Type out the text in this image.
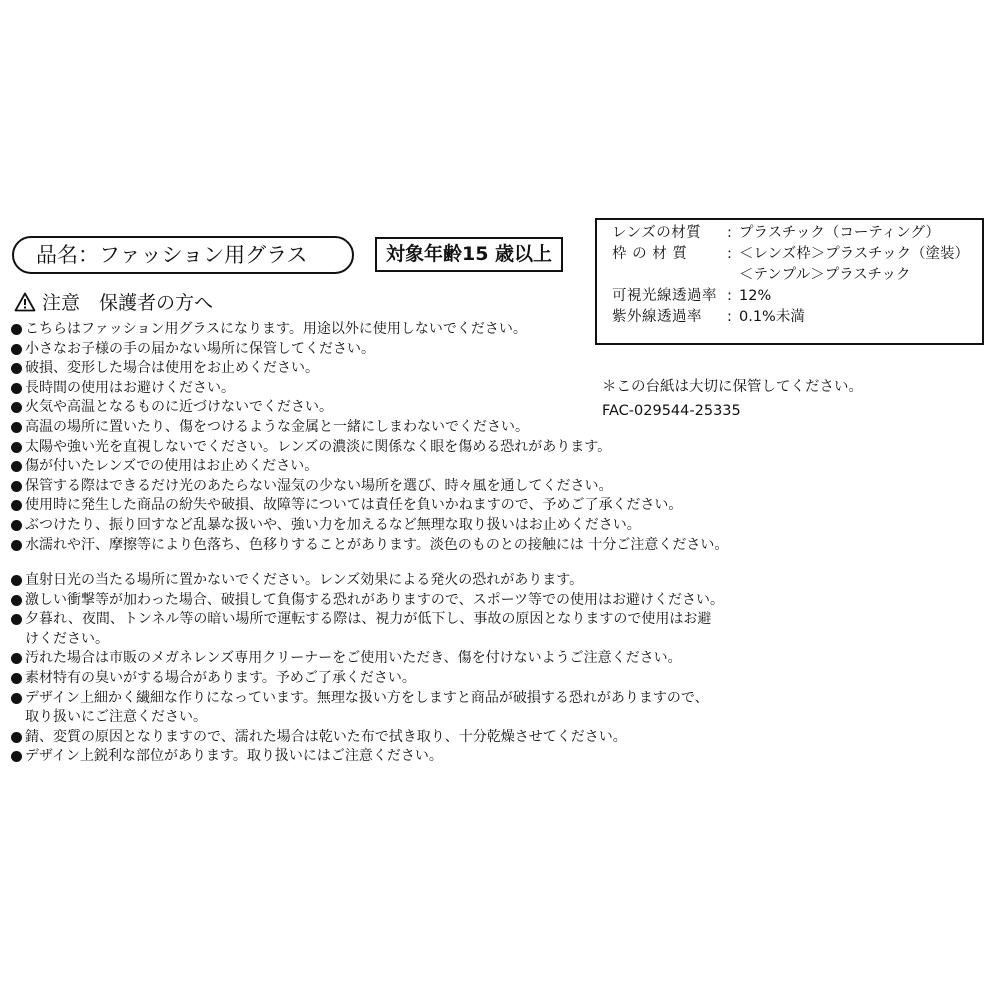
品名：ファッション用グラス	対象年齢15 歳以上
レンズの材質	: プラスチック（コーティング）
枠 の 材 質	: ＜レンズ枠＞プラスチック（塗装）
＜テンプル＞プラスチック
可視光線透過率 : 12%
紫外線透過率	: 0.1%未満
＊この台紙は大切に保管してください。
FAC-029544-25335
注意　保護者の方へ
こちらはファッション用グラスになります。用途以外に使用しないでください。
小さなお子様の手の届かない場所に保管してください。
破損、変形した場合は使用をお止めください。
長時間の使用はお避けください。
火気や高温となるものに近づけないでください。
高温の場所に置いたり、傷をつけるような金属と一緒にしまわないでください。
太陽や強い光を直視しないでください。レンズの濃淡に関係なく眼を傷める恐れがあります。
傷が付いたレンズでの使用はお止めください。
保管する際はできるだけ光のあたらない湿気の少ない場所を選び、時々風を通してください。
使用時に発生した商品の紛失や破損、故障等については責任を負いかねますので、予めご了承ください。
ぶつけたり、振り回すなど乱暴な扱いや、強い力を加えるなど無理な取り扱いはお止めください。
水濡れや汗、摩擦等により色落ち、色移りすることがあります。淡色のものとの接触には 十分ご注意ください。
直射日光の当たる場所に置かないでください。レンズ効果による発火の恐れがあります。
激しい衝撃等が加わった場合、破損して負傷する恐れがありますので、スポーツ等での使用はお避けください。
夕暮れ、夜間、トンネル等の暗い場所で運転する際は、視力が低下し、事故の原因となりますので使用はお避
けください。
汚れた場合は市販のメガネレンズ専用クリーナーをご使用いただき、傷を付けないようご注意ください。
素材特有の臭いがする場合があります。予めご了承ください。
デザイン上細かく繊細な作りになっています。無理な扱い方をしますと商品が破損する恐れがありますので、
取り扱いにご注意ください。
錆、変質の原因となりますので、濡れた場合は乾いた布で拭き取り、十分乾燥させてください。
デザイン上鋭利な部位があります。取り扱いにはご注意ください。
